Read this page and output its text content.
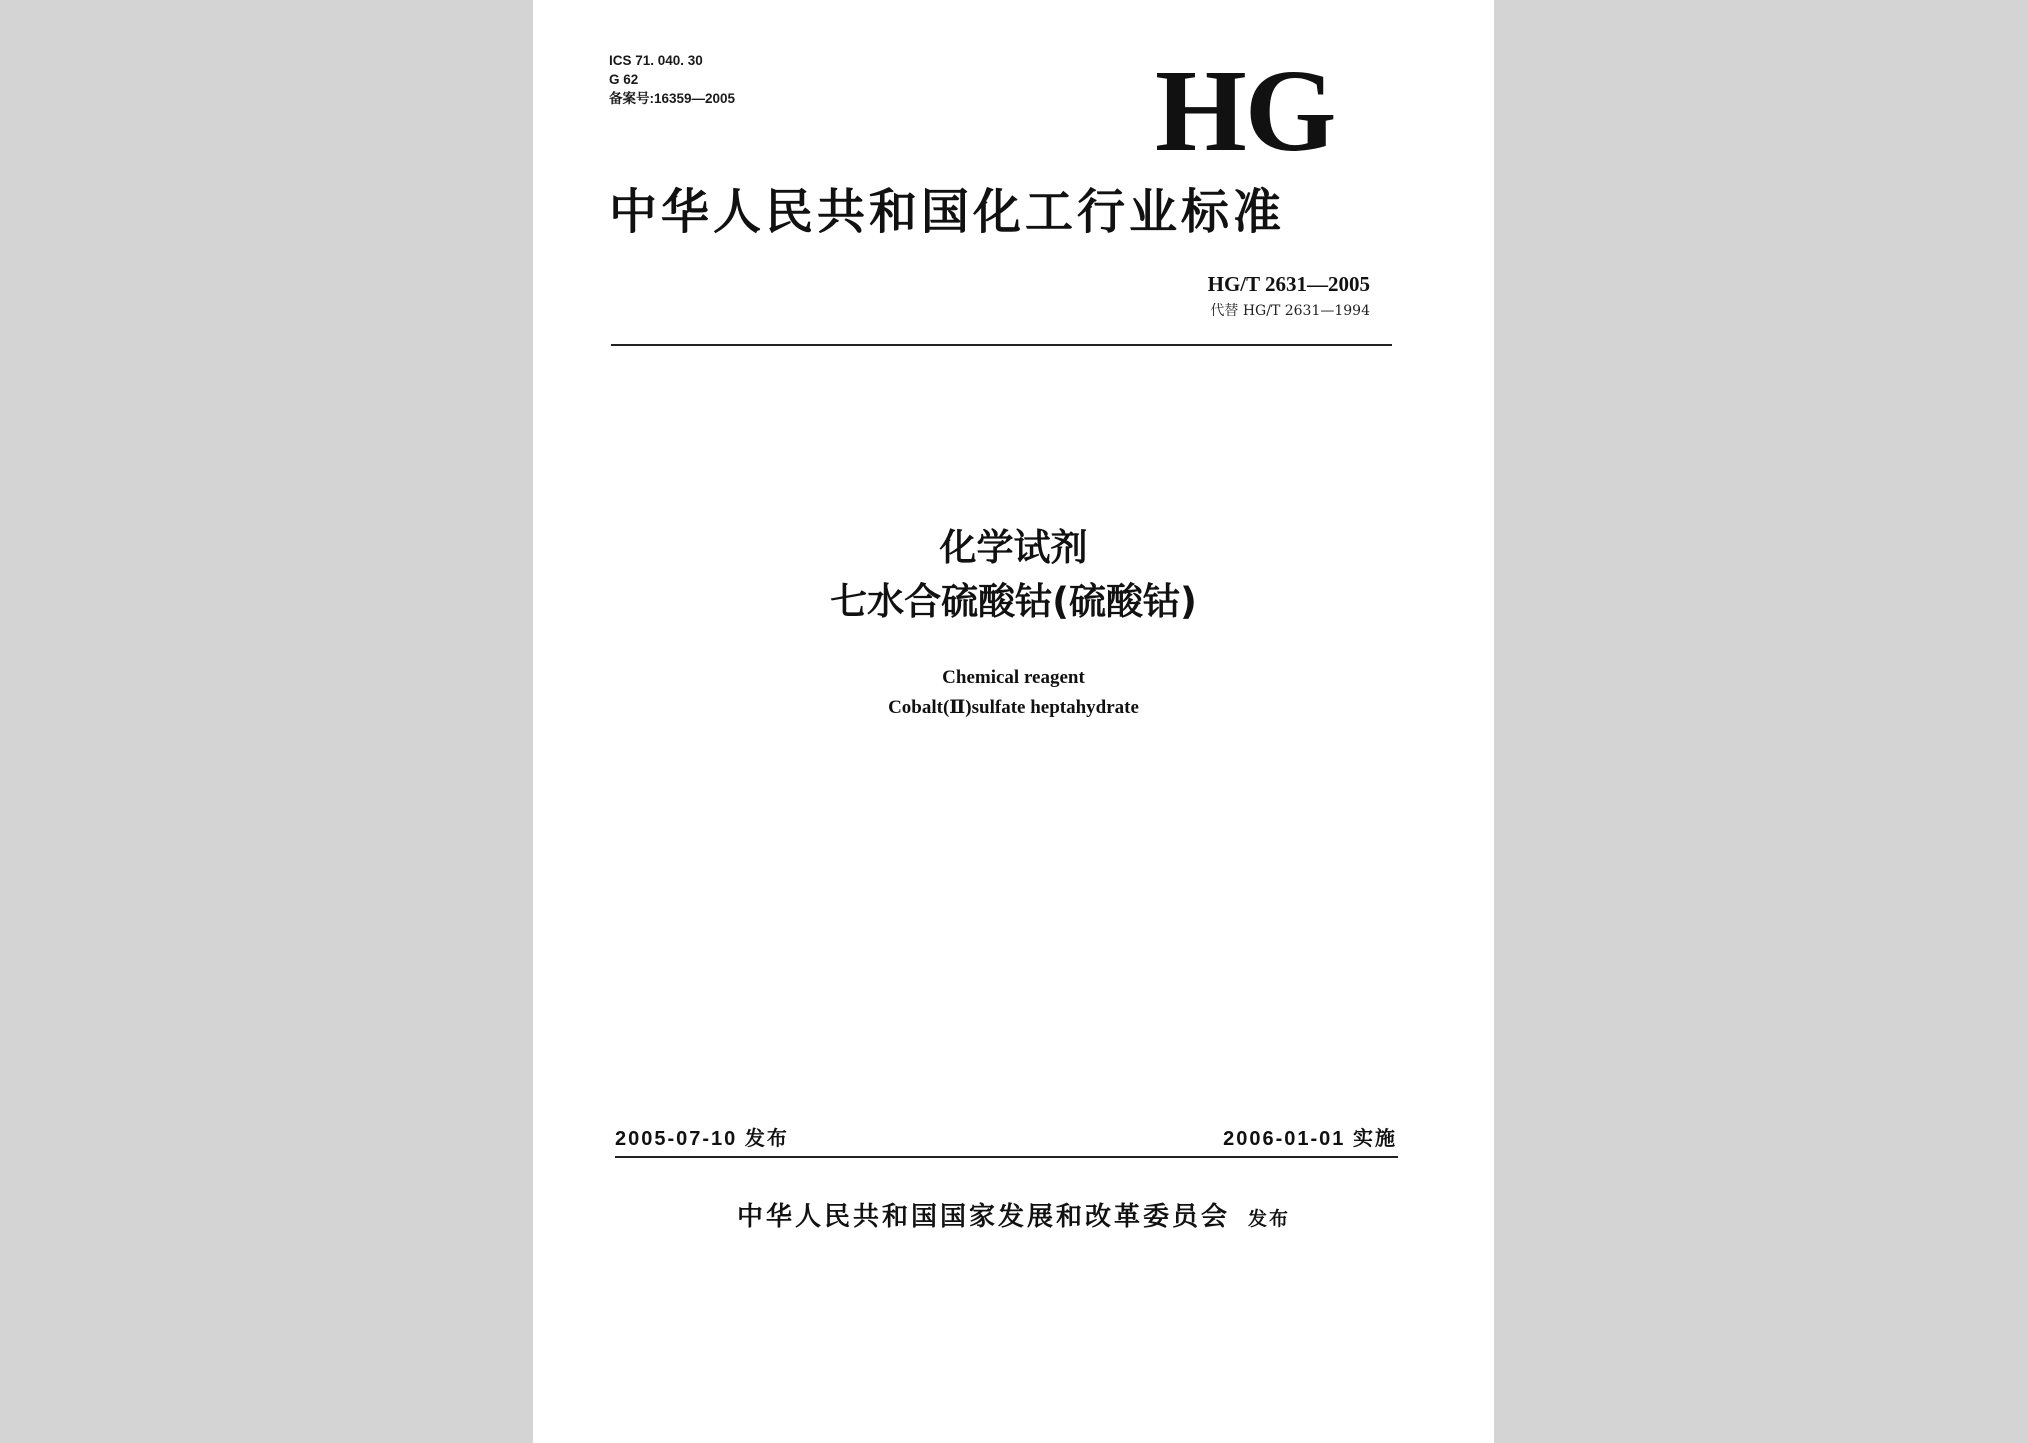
ICS 71. 040. 30
G 62
备案号:16359—2005	HG
中华人民共和国化工行业标准
HG/T 2631—2005
代替 HG/T 2631—1994
化学试剂
七水合硫酸钴(硫酸钴)
Chemical reagent
Cobalt(Ⅱ)sulfate heptahydrate
2005-07-10 发布	2006-01-01 实施
中华人民共和国国家发展和改革委员会 发布
